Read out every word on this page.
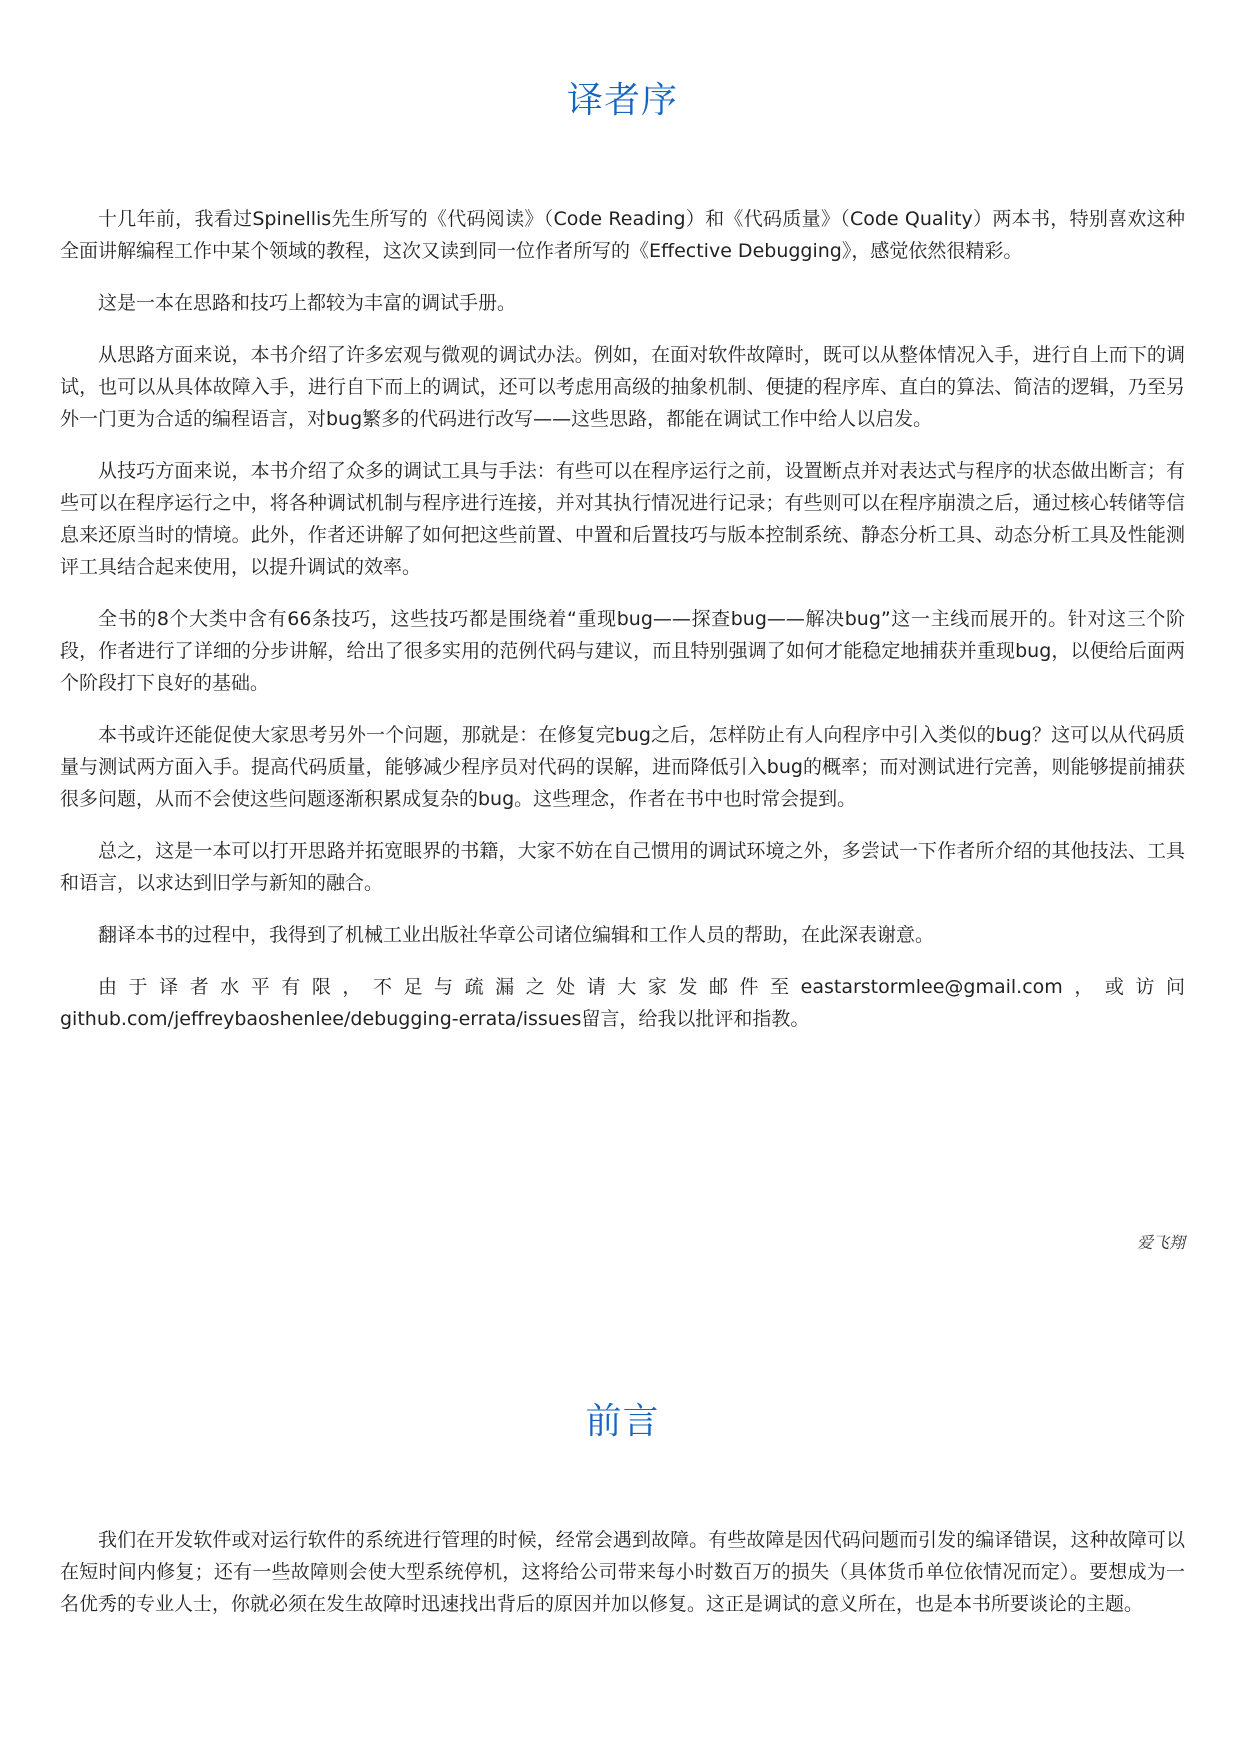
译者序

十几年前，我看过Spinellis先生所写的《代码阅读》（Code Reading）和《代码质量》（Code Quality）两本书，特别喜欢这种全面讲解编程工作中某个领域的教程，这次又读到同一位作者所写的《Effective Debugging》，感觉依然很精彩。

这是一本在思路和技巧上都较为丰富的调试手册。

从思路方面来说，本书介绍了许多宏观与微观的调试办法。例如，在面对软件故障时，既可以从整体情况入手，进行自上而下的调试，也可以从具体故障入手，进行自下而上的调试，还可以考虑用高级的抽象机制、便捷的程序库、直白的算法、简洁的逻辑，乃至另外一门更为合适的编程语言，对bug繁多的代码进行改写——这些思路，都能在调试工作中给人以启发。

从技巧方面来说，本书介绍了众多的调试工具与手法：有些可以在程序运行之前，设置断点并对表达式与程序的状态做出断言；有些可以在程序运行之中，将各种调试机制与程序进行连接，并对其执行情况进行记录；有些则可以在程序崩溃之后，通过核心转储等信息来还原当时的情境。此外，作者还讲解了如何把这些前置、中置和后置技巧与版本控制系统、静态分析工具、动态分析工具及性能测评工具结合起来使用，以提升调试的效率。

全书的8个大类中含有66条技巧，这些技巧都是围绕着“重现bug——探查bug——解决bug”这一主线而展开的。针对这三个阶段，作者进行了详细的分步讲解，给出了很多实用的范例代码与建议，而且特别强调了如何才能稳定地捕获并重现bug，以便给后面两个阶段打下良好的基础。

本书或许还能促使大家思考另外一个问题，那就是：在修复完bug之后，怎样防止有人向程序中引入类似的bug？这可以从代码质量与测试两方面入手。提高代码质量，能够减少程序员对代码的误解，进而降低引入bug的概率；而对测试进行完善，则能够提前捕获很多问题，从而不会使这些问题逐渐积累成复杂的bug。这些理念，作者在书中也时常会提到。

总之，这是一本可以打开思路并拓宽眼界的书籍，大家不妨在自己惯用的调试环境之外，多尝试一下作者所介绍的其他技法、工具和语言，以求达到旧学与新知的融合。

翻译本书的过程中，我得到了机械工业出版社华章公司诸位编辑和工作人员的帮助，在此深表谢意。

由于译者水平有限，不足与疏漏之处请大家发邮件至eastarstormlee@gmail.com，或访问github.com/jeffreybaoshenlee/debugging-errata/issues留言，给我以批评和指教。

爱飞翔
前言

我们在开发软件或对运行软件的系统进行管理的时候，经常会遇到故障。有些故障是因代码问题而引发的编译错误，这种故障可以在短时间内修复；还有一些故障则会使大型系统停机，这将给公司带来每小时数百万的损失（具体货币单位依情况而定）。要想成为一名优秀的专业人士，你就必须在发生故障时迅速找出背后的原因并加以修复。这正是调试的意义所在，也是本书所要谈论的主题。
